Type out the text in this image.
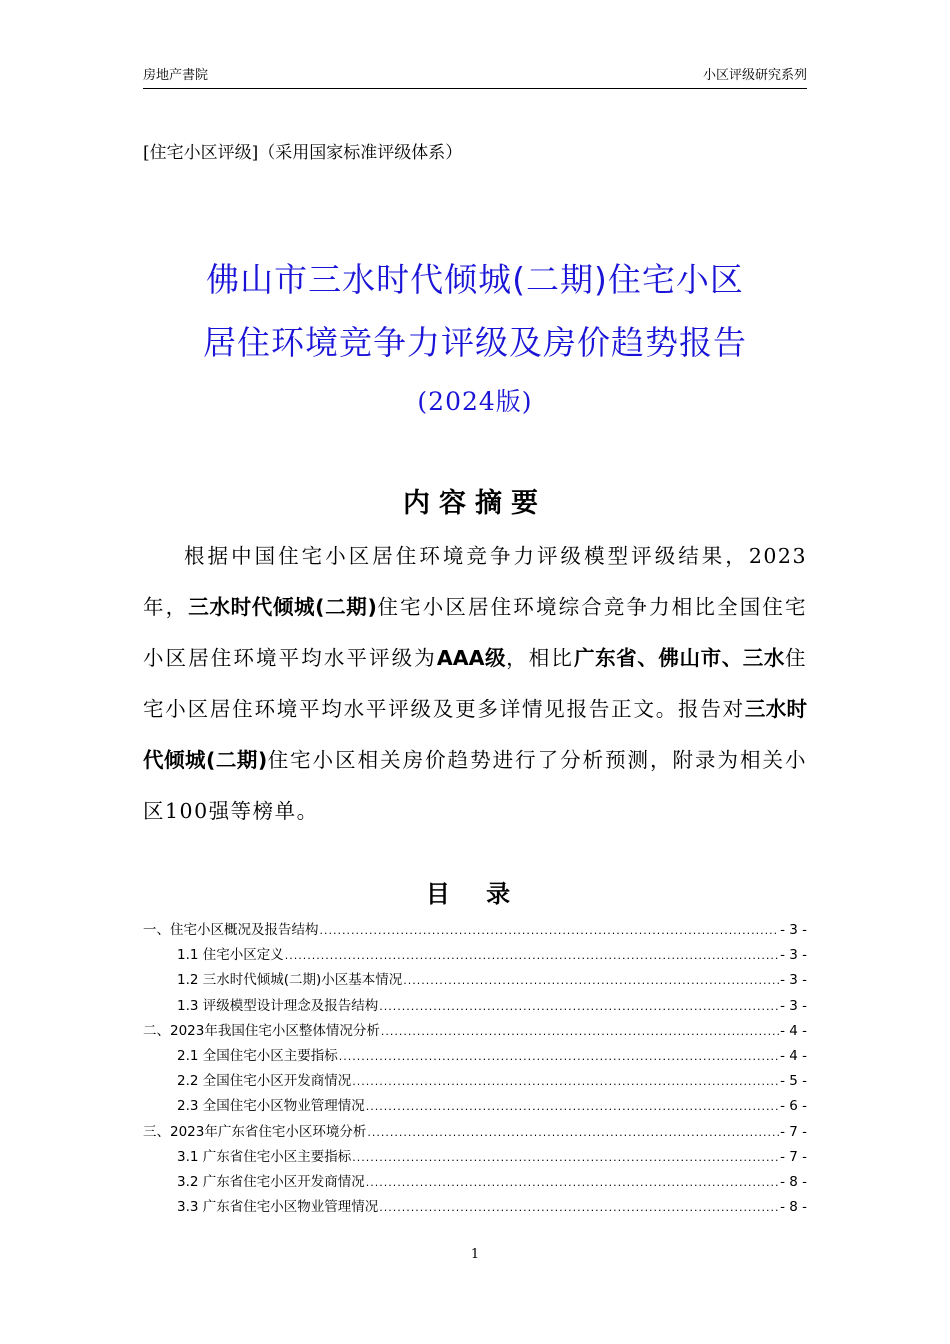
房地产書院	小区评级研究系列
[住宅小区评级]（采用国家标准评级体系）
佛山市三水时代倾城(二期)住宅小区
居住环境竞争力评级及房价趋势报告
(2024版)
内容摘要
根据中国住宅小区居住环境竞争力评级模型评级结果，2023年，三水时代倾城(二期)住宅小区居住环境综合竞争力相比全国住宅小区居住环境平均水平评级为AAA级，相比广东省、佛山市、三水住宅小区居住环境平均水平评级及更多详情见报告正文。报告对三水时代倾城(二期)住宅小区相关房价趋势进行了分析预测，附录为相关小区100强等榜单。
目 录
一、住宅小区概况及报告结构 .....	- 3 -
1.1 住宅小区定义 .....	- 3 -
1.2 三水时代倾城(二期)小区基本情况 .....	- 3 -
1.3 评级模型设计理念及报告结构 .....	- 3 -
二、2023年我国住宅小区整体情况分析 .....	- 4 -
2.1 全国住宅小区主要指标 .....	- 4 -
2.2 全国住宅小区开发商情况 .....	- 5 -
2.3 全国住宅小区物业管理情况 .....	- 6 -
三、2023年广东省住宅小区环境分析 .....	- 7 -
3.1 广东省住宅小区主要指标 .....	- 7 -
3.2 广东省住宅小区开发商情况 .....	- 8 -
3.3 广东省住宅小区物业管理情况 .....	- 8 -
1
